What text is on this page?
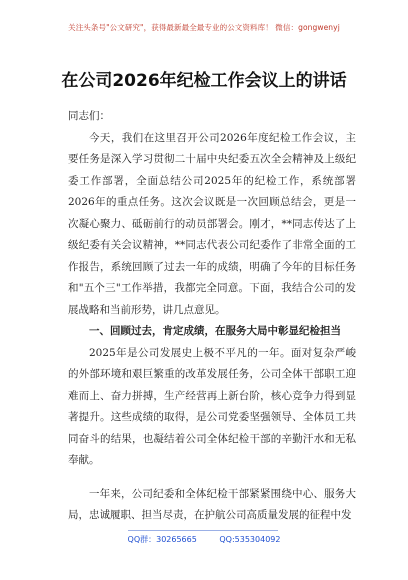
关注头条号"公文研究"，获得最新最全最专业的公文资料库！ 微信：gongwenyj
在公司2026年纪检工作会议上的讲话

同志们：

今天，我们在这里召开公司2026年度纪检工作会议，主要任务是深入学习贯彻二十届中央纪委五次全会精神及上级纪委工作部署，全面总结公司2025年的纪检工作，系统部署2026年的重点任务。这次会议既是一次回顾总结会，更是一次凝心聚力、砥砺前行的动员部署会。刚才，**同志传达了上级纪委有关会议精神，**同志代表公司纪委作了非常全面的工作报告，系统回顾了过去一年的成绩，明确了今年的目标任务和"五个三"工作举措，我都完全同意。下面，我结合公司的发展战略和当前形势，讲几点意见。

一、回顾过去，肯定成绩，在服务大局中彰显纪检担当

2025年是公司发展史上极不平凡的一年。面对复杂严峻的外部环境和艰巨繁重的改革发展任务，公司全体干部职工迎难而上、奋力拼搏，生产经营再上新台阶，核心竞争力得到显著提升。这些成绩的取得，是公司党委坚强领导、全体员工共同奋斗的结果，也凝结着公司全体纪检干部的辛勤汗水和无私奉献。

一年来，公司纪委和全体纪检干部紧紧围绕中心、服务大局，忠诚履职、担当尽责，在护航公司高质量发展的征程中发

QQ群：30265665	QQ:535304092
